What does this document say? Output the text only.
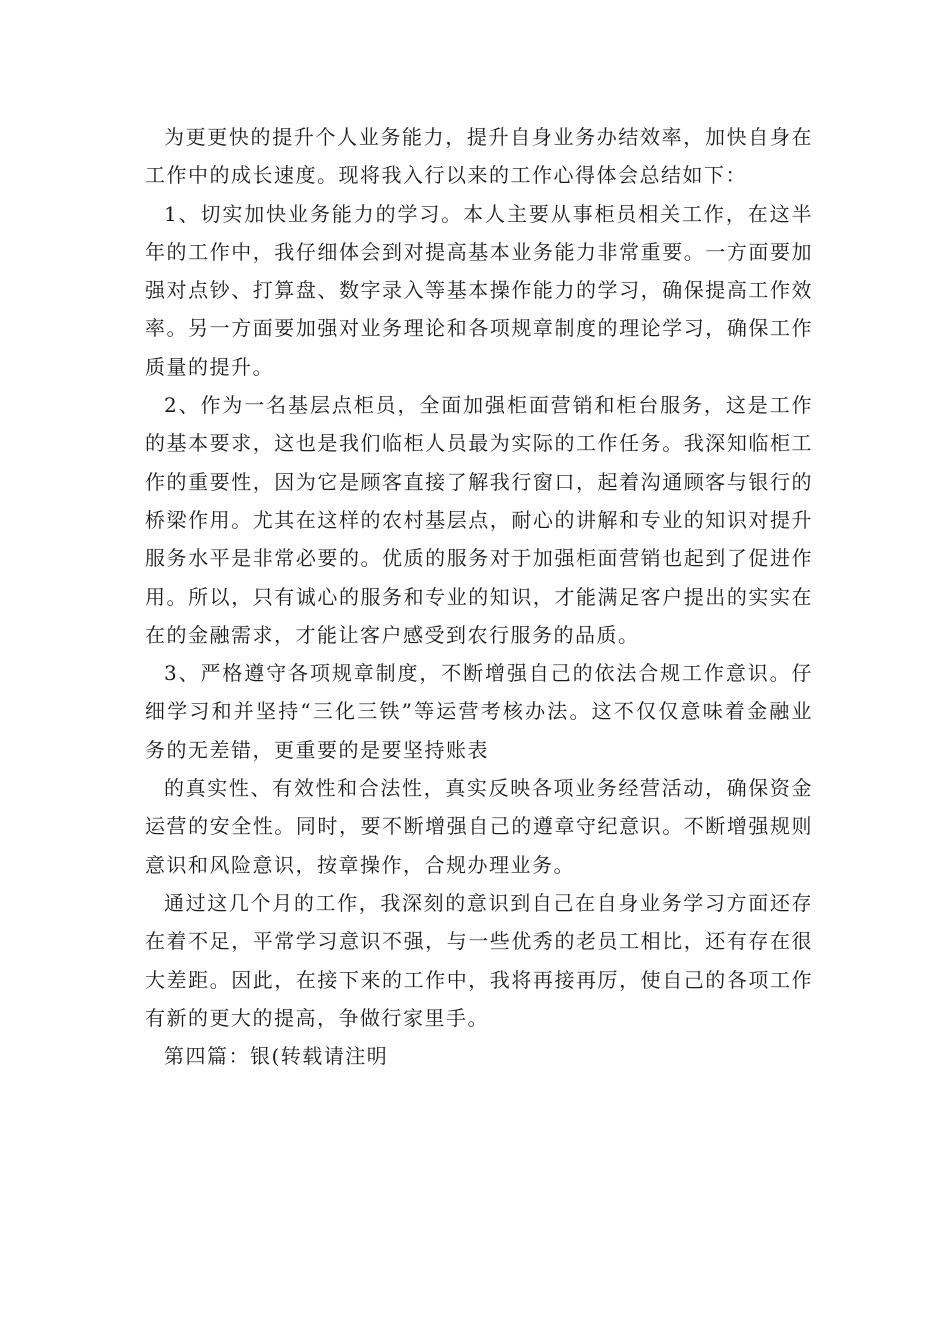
为更更快的提升个人业务能力，提升自身业务办结效率，加快自身在工作中的成长速度。现将我入行以来的工作心得体会总结如下：

1、切实加快业务能力的学习。本人主要从事柜员相关工作，在这半年的工作中，我仔细体会到对提高基本业务能力非常重要。一方面要加强对点钞、打算盘、数字录入等基本操作能力的学习，确保提高工作效率。另一方面要加强对业务理论和各项规章制度的理论学习，确保工作质量的提升。

2、作为一名基层点柜员，全面加强柜面营销和柜台服务，这是工作的基本要求，这也是我们临柜人员最为实际的工作任务。我深知临柜工作的重要性，因为它是顾客直接了解我行窗口，起着沟通顾客与银行的桥梁作用。尤其在这样的农村基层点，耐心的讲解和专业的知识对提升服务水平是非常必要的。优质的服务对于加强柜面营销也起到了促进作用。所以，只有诚心的服务和专业的知识，才能满足客户提出的实实在在的金融需求，才能让客户感受到农行服务的品质。

3、严格遵守各项规章制度，不断增强自己的依法合规工作意识。仔细学习和并坚持“三化三铁”等运营考核办法。这不仅仅意味着金融业务的无差错，更重要的是要坚持账表

的真实性、有效性和合法性，真实反映各项业务经营活动，确保资金运营的安全性。同时，要不断增强自己的遵章守纪意识。不断增强规则意识和风险意识，按章操作，合规办理业务。

通过这几个月的工作，我深刻的意识到自己在自身业务学习方面还存在着不足，平常学习意识不强，与一些优秀的老员工相比，还有存在很大差距。因此，在接下来的工作中，我将再接再厉，使自己的各项工作有新的更大的提高，争做行家里手。

第四篇：银(转载请注明
